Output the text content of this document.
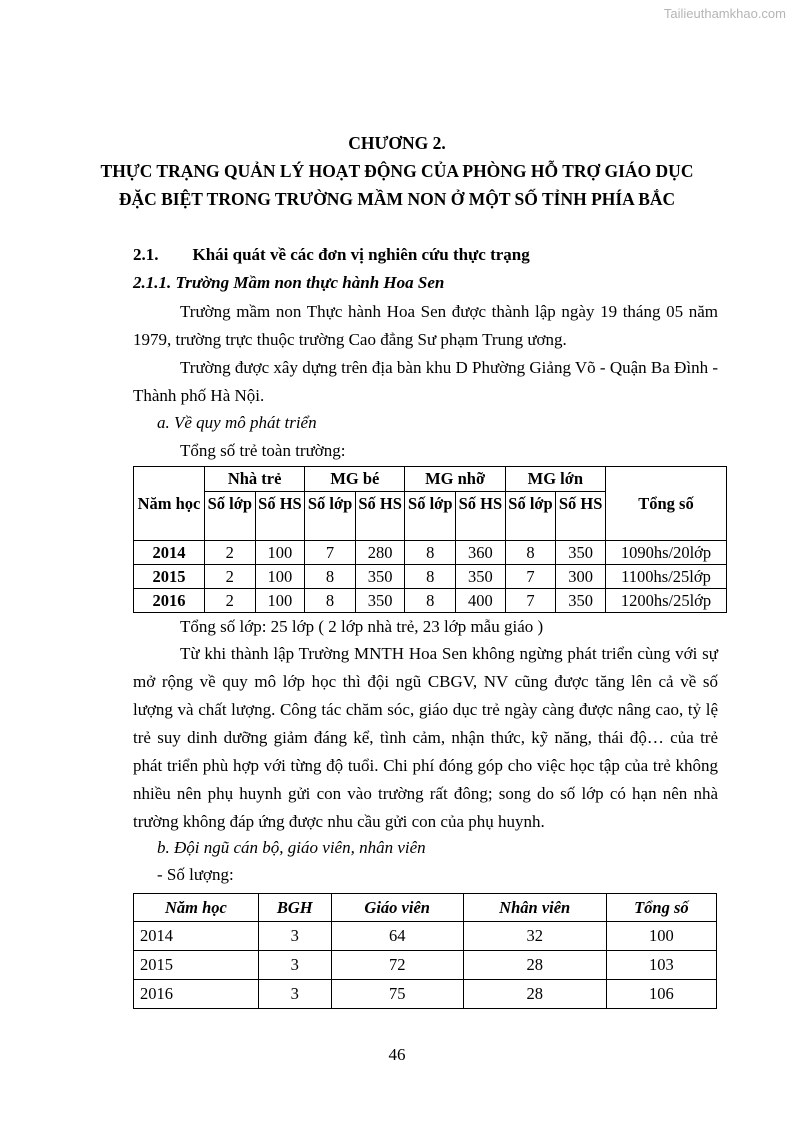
Tailieuthamkhao.com
CHƯƠNG 2.
THỰC TRẠNG QUẢN LÝ HOẠT ĐỘNG CỦA PHÒNG HỖ TRỢ GIÁO DỤC
ĐẶC BIỆT TRONG TRƯỜNG MẦM NON Ở MỘT SỐ TỈNH PHÍA BẮC
2.1. Khái quát về các đơn vị nghiên cứu thực trạng
2.1.1. Trường Mầm non thực hành Hoa Sen
Trường mầm non Thực hành Hoa Sen được thành lập ngày 19 tháng 05 năm 1979, trường trực thuộc trường Cao đẳng Sư phạm Trung ương.
Trường được xây dựng trên địa bàn khu D Phường Giảng Võ - Quận Ba Đình - Thành phố Hà Nội.
a. Về quy mô phát triển
Tổng số trẻ toàn trường:
Năm học	Nhà trẻ		MG bé		MG nhỡ		MG lớn		Tổng số
	Số lớp	Số HS	Số lớp	Số HS	Số lớp	Số HS	Số lớp	Số HS	

2014	2	100	7	280	8	360	8	350	1090hs/20lớp
2015	2	100	8	350	8	350	7	300	1100hs/25lớp
2016	2	100	8	350	8	400	7	350	1200hs/25lớp
Tổng số lớp: 25 lớp ( 2 lớp nhà trẻ, 23 lớp mẫu giáo )
Từ khi thành lập Trường MNTH Hoa Sen không ngừng phát triển cùng với sự mở rộng về quy mô lớp học thì đội ngũ CBGV, NV cũng được tăng lên cả về số lượng và chất lượng. Công tác chăm sóc, giáo dục trẻ ngày càng được nâng cao, tỷ lệ trẻ suy dinh dưỡng giảm đáng kể, tình cảm, nhận thức, kỹ năng, thái độ… của trẻ phát triển phù hợp với từng độ tuổi. Chi phí đóng góp cho việc học tập của trẻ không nhiều nên phụ huynh gửi con vào trường rất đông; song do số lớp có hạn nên nhà trường không đáp ứng được nhu cầu gửi con của phụ huynh.
b. Đội ngũ cán bộ, giáo viên, nhân viên
- Số lượng:
Năm học	BGH	Giáo viên	Nhân viên	Tổng số
2014	3	64	32	100
2015	3	72	28	103
2016	3	75	28	106
46
